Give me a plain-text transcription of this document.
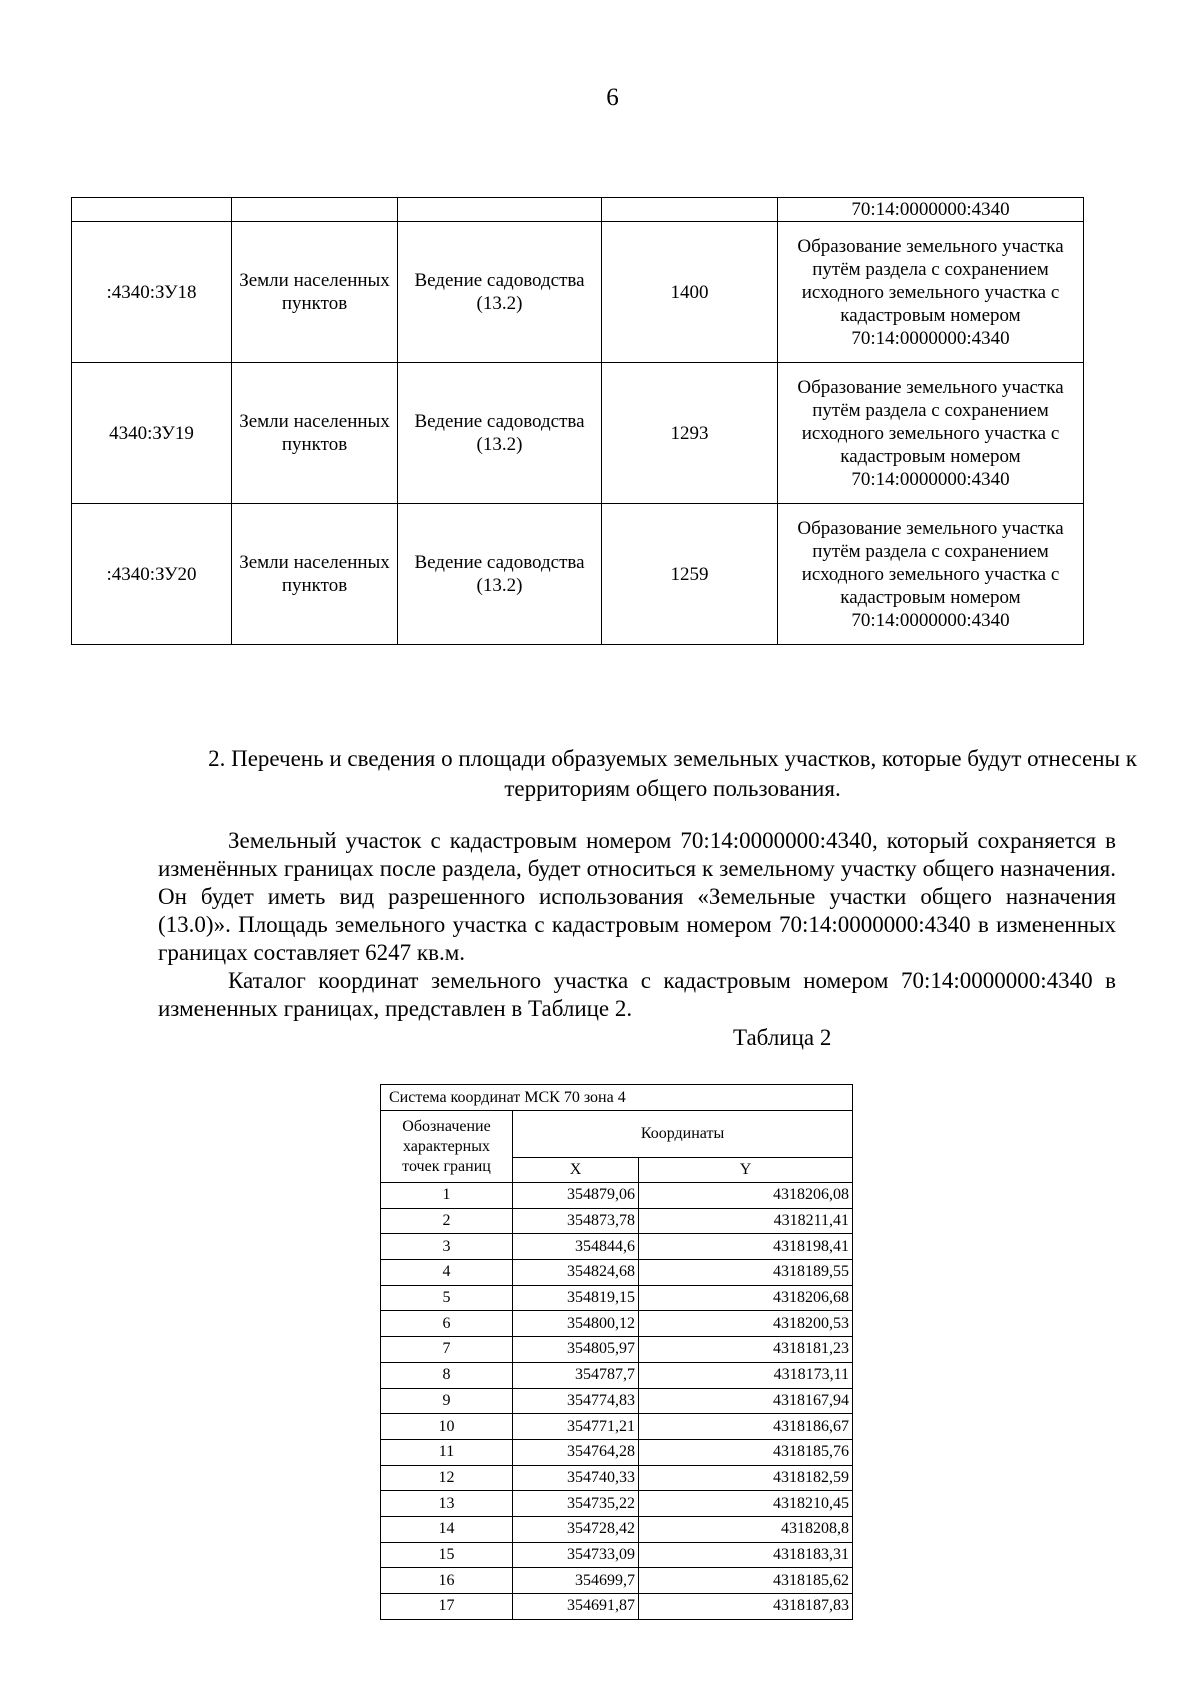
6
				70:14:0000000:4340
:4340:ЗУ18	Земли населенных пунктов	Ведение садоводства (13.2)	1400	Образование земельного участка путём раздела с сохранением исходного земельного участка с кадастровым номером 70:14:0000000:4340
4340:ЗУ19	Земли населенных пунктов	Ведение садоводства (13.2)	1293	Образование земельного участка путём раздела с сохранением исходного земельного участка с кадастровым номером 70:14:0000000:4340
:4340:ЗУ20	Земли населенных пунктов	Ведение садоводства (13.2)	1259	Образование земельного участка путём раздела с сохранением исходного земельного участка с кадастровым номером 70:14:0000000:4340
2. Перечень и сведения о площади образуемых земельных участков, которые будут отнесены к территориям общего пользования.

Земельный участок с кадастровым номером 70:14:0000000:4340, который сохраняется в изменённых границах после раздела, будет относиться к земельному участку общего назначения. Он будет иметь вид разрешенного использования «Земельные участки общего назначения (13.0)». Площадь земельного участка с кадастровым номером 70:14:0000000:4340 в измененных границах составляет 6247 кв.м.

Каталог координат земельного участка с кадастровым номером 70:14:0000000:4340 в измененных границах, представлен в Таблице 2.

Таблица 2
Система координат МСК 70 зона 4		
Обозначение характерных точек границ	Координаты	
	X	Y
1	354879,06	4318206,08
2	354873,78	4318211,41
3	354844,6	4318198,41
4	354824,68	4318189,55
5	354819,15	4318206,68
6	354800,12	4318200,53
7	354805,97	4318181,23
8	354787,7	4318173,11
9	354774,83	4318167,94
10	354771,21	4318186,67
11	354764,28	4318185,76
12	354740,33	4318182,59
13	354735,22	4318210,45
14	354728,42	4318208,8
15	354733,09	4318183,31
16	354699,7	4318185,62
17	354691,87	4318187,83
